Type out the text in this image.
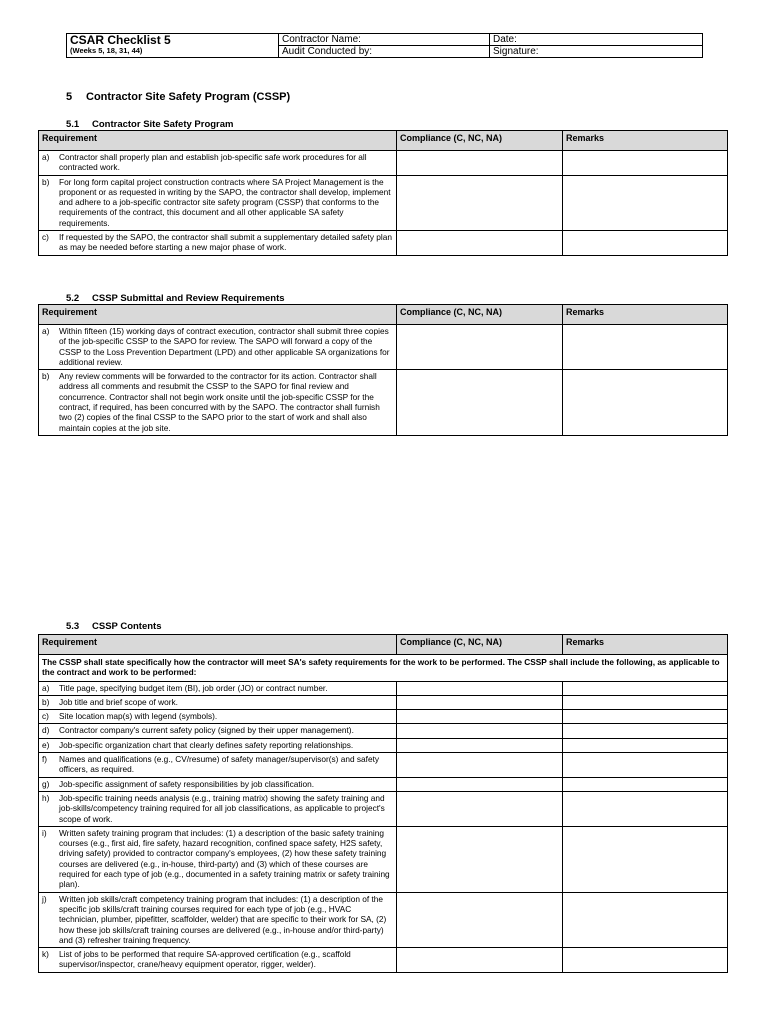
CSAR Checklist 5
(Weeks 5, 18, 31, 44)	Contractor Name:	Date:
	Audit Conducted by:	Signature:
5 Contractor Site Safety Program (CSSP)
5.1 Contractor Site Safety Program
Requirement	Compliance (C, NC, NA)	Remarks

a) Contractor shall properly plan and establish job-specific safe work procedures for all contracted work.		

b) For long form capital project construction contracts where SA Project Management is the proponent or as requested in writing by the SAPO, the contractor shall develop, implement and adhere to a job-specific contractor site safety program (CSSP) that conforms to the requirements of the contract, this document and all other applicable SA safety requirements.		

c) If requested by the SAPO, the contractor shall submit a supplementary detailed safety plan as may be needed before starting a new major phase of work.		

5.2 CSSP Submittal and Review Requirements
Requirement	Compliance (C, NC, NA)	Remarks

a) Within fifteen (15) working days of contract execution, contractor shall submit three copies of the job-specific CSSP to the SAPO for review. The SAPO will forward a copy of the CSSP to the Loss Prevention Department (LPD) and other applicable SA organizations for additional review.		

b) Any review comments will be forwarded to the contractor for its action. Contractor shall address all comments and resubmit the CSSP to the SAPO for final review and concurrence. Contractor shall not begin work onsite until the job-specific CSSP for the contract, if required, has been concurred with by the SAPO. The contractor shall furnish two (2) copies of the final CSSP to the SAPO prior to the start of work and shall also maintain copies at the job site.		

5.3 CSSP Contents
Requirement	Compliance (C, NC, NA)	Remarks
The CSSP shall state specifically how the contractor will meet SA's safety requirements for the work to be performed. The CSSP shall include the following, as applicable to the contract and work to be performed:		

a) Title page, specifying budget item (BI), job order (JO) or contract number.		

b) Job title and brief scope of work.		

c) Site location map(s) with legend (symbols).		

d) Contractor company's current safety policy (signed by their upper management).		

e) Job-specific organization chart that clearly defines safety reporting relationships.		

f) Names and qualifications (e.g., CV/resume) of safety manager/supervisor(s) and safety officers, as required.		

g) Job-specific assignment of safety responsibilities by job classification.		

h) Job-specific training needs analysis (e.g., training matrix) showing the safety training and job-skills/competency training required for all job classifications, as applicable to project's scope of work.		

i) Written safety training program that includes: (1) a description of the basic safety training courses (e.g., first aid, fire safety, hazard recognition, confined space safety, H2S safety, driving safety) provided to contractor company's employees, (2) how these safety training courses are delivered (e.g., in-house, third-party) and (3) which of these courses are required for each type of job (e.g., documented in a safety training matrix or safety training plan).		

j) Written job skills/craft competency training program that includes: (1) a description of the specific job skills/craft training courses required for each type of job (e.g., HVAC technician, plumber, pipefitter, scaffolder, welder) that are specific to their work for SA, (2) how these job skills/craft training courses are delivered (e.g., in-house and/or third-party) and (3) refresher training frequency.		

k) List of jobs to be performed that require SA-approved certification (e.g., scaffold supervisor/inspector, crane/heavy equipment operator, rigger, welder).		
